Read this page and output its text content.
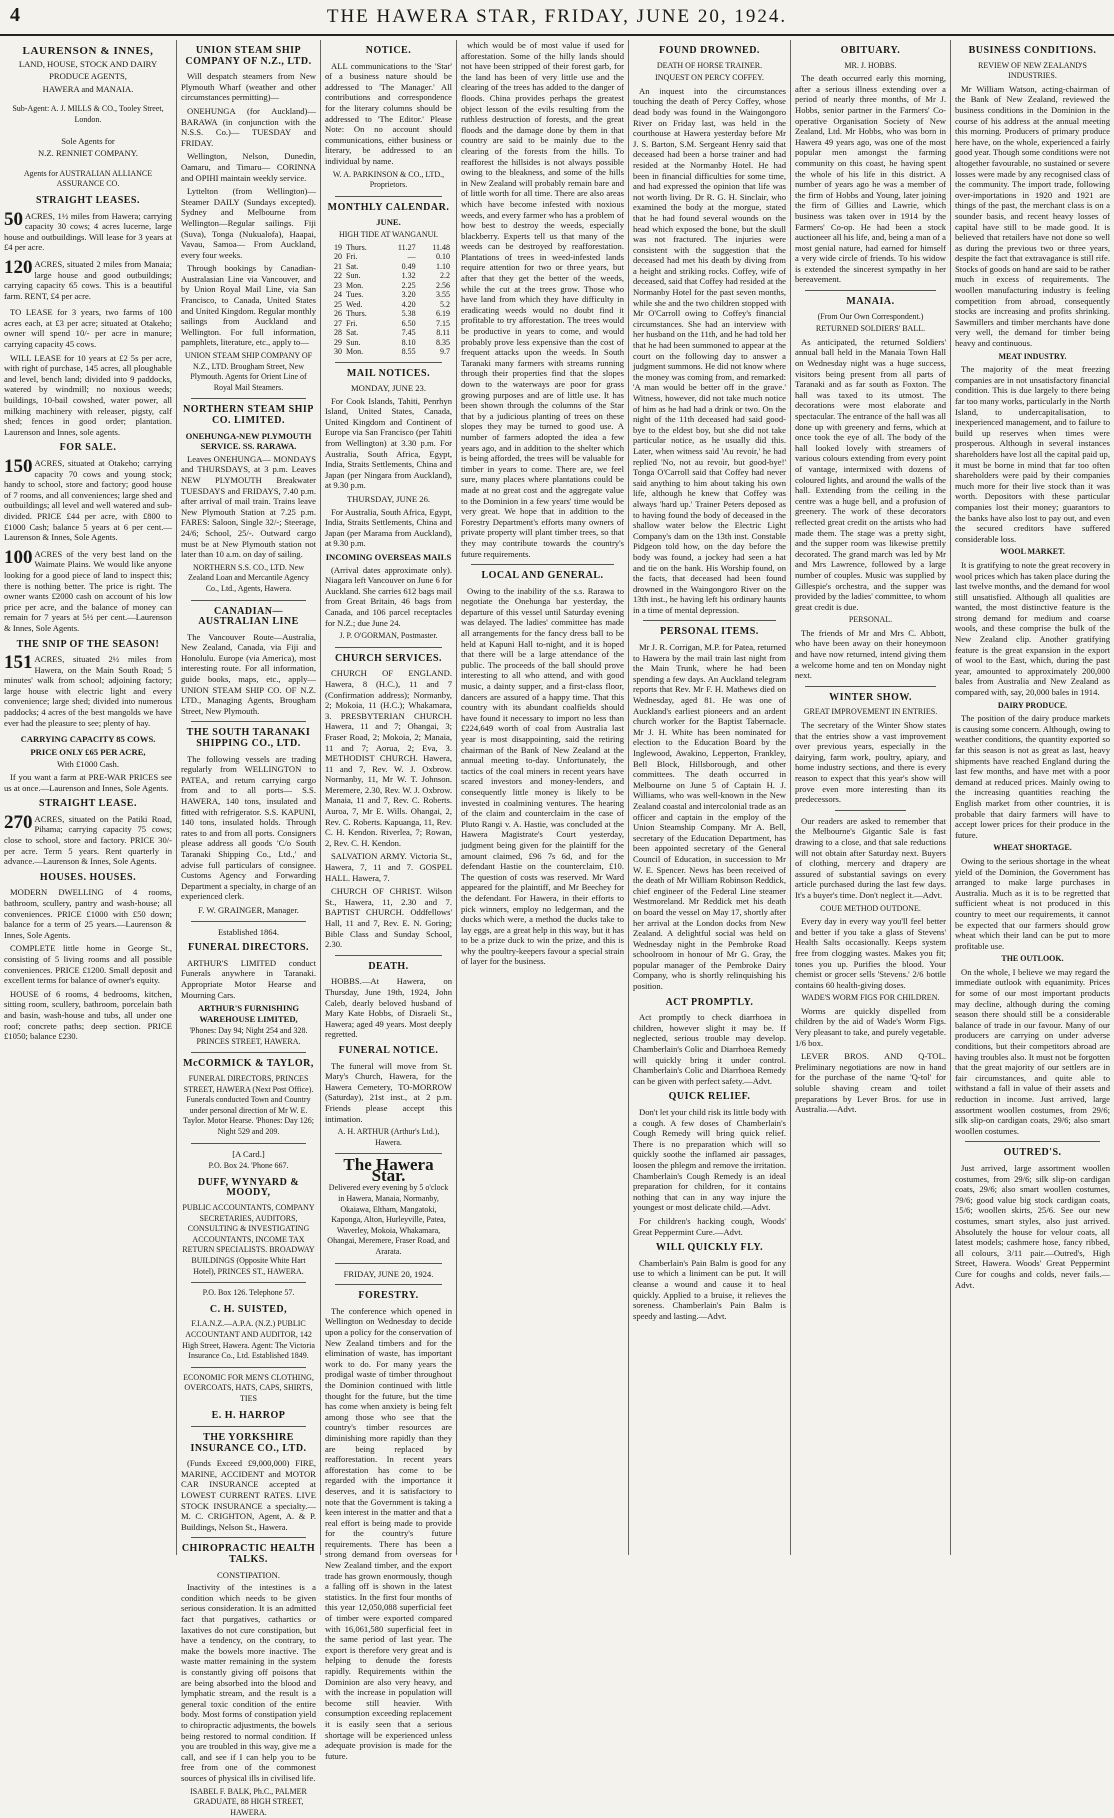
4	THE HAWERA STAR, FRIDAY, JUNE 20, 1924.
LAURENSON & INNES,
LAND, HOUSE, STOCK AND DAIRY
PRODUCE AGENTS,
HAWERA and MANAIA.
Sub-Agent: A. J. MILLS & CO., Tooley Street, London.
Sole Agents for
N.Z. RENNIET COMPANY.
Agents for AUSTRALIAN ALLIANCE ASSURANCE CO.
STRAIGHT LEASES.
50 ACRES, 1½ miles from Hawera; carrying capacity 30 cows; 4 acres lucerne, large house and outbuildings. Will lease for 3 years at £4 per acre.
120 ACRES, situated 2 miles from Manaia; large house and good outbuildings; carrying capacity 65 cows. This is a beautiful farm. RENT, £4 per acre.
TO LEASE for 3 years, two farms of 100 acres each, at £3 per acre; situated at Otakeho; owner will spend 10/- per acre in manure; carrying capacity 45 cows.
WILL LEASE for 10 years at £2 5s per acre, with right of purchase, 145 acres, all ploughable and level, bench land; divided into 9 paddocks, watered by windmill; no noxious weeds; buildings, 10-bail cowshed, water power, all milking machinery with releaser, pigsty, calf shed; fences in good order; plantation. Laurenson and Innes, sole agents.
FOR SALE.
150 ACRES, situated at Otakeho; carrying capacity 70 cows and young stock; handy to school, store and factory; good house of 7 rooms, and all conveniences; large shed and outbuildings; all level and well watered and sub-divided. PRICE £44 per acre, with £800 to £1000 Cash; balance 5 years at 6 per cent.—Laurenson & Innes, Sole Agents.
100 ACRES of the very best land on the Waimate Plains. We would like anyone looking for a good piece of land to inspect this; there is nothing better. The price is right. The owner wants £2000 cash on account of his low price per acre, and the balance of money can remain for 7 years at 5½ per cent.—Laurenson & Innes, Sole Agents.
THE SNIP OF THE SEASON!
151 ACRES, situated 2½ miles from Hawera, on the Main South Road; 5 minutes' walk from school; adjoining factory; large house with electric light and every convenience; large shed; divided into numerous paddocks; 4 acres of the best mangolds we have ever had the pleasure to see; plenty of hay.
CARRYING CAPACITY 85 COWS.
PRICE ONLY £65 PER ACRE,
With £1000 Cash.
If you want a farm at PRE-WAR PRICES see us at once.—Laurenson and Innes, Sole Agents.
STRAIGHT LEASE.
270 ACRES, situated on the Patiki Road, Pihama; carrying capacity 75 cows; close to school, store and factory. PRICE 30/- per acre. Term 5 years. Rent quarterly in advance.—Laurenson & Innes, Sole Agents.
HOUSES. HOUSES.
MODERN DWELLING of 4 rooms, bathroom, scullery, pantry and wash-house; all conveniences. PRICE £1000 with £50 down; balance for a term of 25 years.—Laurenson & Innes, Sole Agents.
COMPLETE little home in George St., consisting of 5 living rooms and all possible conveniences. PRICE £1200. Small deposit and excellent terms for balance of owner's equity.
HOUSE of 6 rooms, 4 bedrooms, kitchen, sitting room, scullery, bathroom, porcelain bath and basin, wash-house and tubs, all under one roof; concrete paths; deep section. PRICE £1050; balance £230.
UNION STEAM SHIP COMPANY OF N.Z., LTD.
Will despatch steamers from New Plymouth Wharf (weather and other circumstances permitting)—
ONEHUNGA (for Auckland)— BARAWA (in conjunction with the N.S.S. Co.)— TUESDAY and FRIDAY.
Wellington, Nelson, Dunedin, Oamaru, and Timaru— CORINNA and OPIHI maintain weekly service.
Lyttelton (from Wellington)— Steamer DAILY (Sundays excepted). Sydney and Melbourne from Wellington—Regular sailings. Fiji (Suva), Tonga (Nukualofa), Haapai, Vavau, Samoa— From Auckland, every four weeks.
Through bookings by Canadian-Australasian Line via Vancouver, and by Union Royal Mail Line, via San Francisco, to Canada, United States and United Kingdom. Regular monthly sailings from Auckland and Wellington. For full information, pamphlets, literature, etc., apply to—
UNION STEAM SHIP COMPANY OF N.Z., LTD. Brougham Street, New Plymouth. Agents for Orient Line of Royal Mail Steamers.
NORTHERN STEAM SHIP CO. LIMITED.
ONEHUNGA-NEW PLYMOUTH SERVICE. SS. RARAWA.
Leaves ONEHUNGA— MONDAYS and THURSDAYS, at 3 p.m. Leaves NEW PLYMOUTH Breakwater TUESDAYS and FRIDAYS, 7.40 p.m. after arrival of mail train. Trains leave New Plymouth Station at 7.25 p.m. FARES: Saloon, Single 32/-; Steerage, 24/6; School, 25/-. Outward cargo must be at New Plymouth station not later than 10 a.m. on day of sailing.
NORTHERN S.S. CO., LTD. New Zealand Loan and Mercantile Agency Co., Ltd., Agents, Hawera.
CANADIAN—AUSTRALIAN LINE
The Vancouver Route—Australia, New Zealand, Canada, via Fiji and Honolulu. Europe (via America), most interesting route. For all information, guide books, maps, etc., apply— UNION STEAM SHIP CO. OF N.Z. LTD., Managing Agents, Brougham Street, New Plymouth.
THE SOUTH TARANAKI SHIPPING CO., LTD.
The following vessels are trading regularly from WELLINGTON to PATEA, and return carrying cargo from and to all ports— S.S. HAWERA, 140 tons, insulated and fitted with refrigerator. S.S. KAPUNI, 140 tons, insulated holds. Through rates to and from all ports. Consigners please address all goods 'C/o South Taranaki Shipping Co., Ltd.,' and advise full particulars of consignee. Customs Agency and Forwarding Department a specialty, in charge of an experienced clerk.
F. W. GRAINGER, Manager.
Established 1864.
FUNERAL DIRECTORS.
ARTHUR'S LIMITED conduct Funerals anywhere in Taranaki. Appropriate Motor Hearse and Mourning Cars.
ARTHUR'S FURNISHING WAREHOUSE LIMITED,
'Phones: Day 94; Night 254 and 328. PRINCES STREET, HAWERA.
McCORMICK & TAYLOR,
FUNERAL DIRECTORS, PRINCES STREET, HAWERA (Next Post Office). Funerals conducted Town and Country under personal direction of Mr W. E. Taylor. Motor Hearse. 'Phones: Day 126; Night 529 and 209.
[A Card.]
P.O. Box 24. 'Phone 667.
DUFF, WYNYARD & MOODY,
PUBLIC ACCOUNTANTS, COMPANY SECRETARIES, AUDITORS, CONSULTING & INVESTIGATING ACCOUNTANTS, INCOME TAX RETURN SPECIALISTS. BROADWAY BUILDINGS (Opposite White Hart Hotel), PRINCES ST., HAWERA.
P.O. Box 126. Telephone 57.
C. H. SUISTED,
F.I.A.N.Z.—A.P.A. (N.Z.) PUBLIC ACCOUNTANT AND AUDITOR, 142 High Street, Hawera. Agent: The Victoria Insurance Co., Ltd. Established 1849.
ECONOMIC FOR MEN'S CLOTHING, OVERCOATS, HATS, CAPS, SHIRTS, TIES
E. H. HARROP
THE YORKSHIRE INSURANCE CO., LTD.
(Funds Exceed £9,000,000) FIRE, MARINE, ACCIDENT and MOTOR CAR INSURANCE accepted at LOWEST CURRENT RATES. LIVE STOCK INSURANCE a specialty.— M. C. CRIGHTON, Agent, A. & P. Buildings, Nelson St., Hawera.
CHIROPRACTIC HEALTH TALKS.
CONSTIPATION.
Inactivity of the intestines is a condition which needs to be given serious consideration. It is an admitted fact that purgatives, cathartics or laxatives do not cure constipation, but have a tendency, on the contrary, to make the bowels more inactive. The waste matter remaining in the system is constantly giving off poisons that are being absorbed into the blood and lymphatic stream, and the result is a general toxic condition of the entire body. Most forms of constipation yield to chiropractic adjustments, the bowels being restored to normal condition. If you are troubled in this way, give me a call, and see if I can help you to be free from one of the commonest sources of physical ills in civilised life.
ISABEL F. BALK, Ph.C., PALMER GRADUATE, 88 HIGH STREET, HAWERA.
NOTICE.
ALL communications to the 'Star' of a business nature should be addressed to 'The Manager.' All contributions and correspondence for the literary columns should be addressed to 'The Editor.' Please Note: On no account should communications, either business or literary, be addressed to an individual by name.
W. A. PARKINSON & CO., LTD., Proprietors.
MONTHLY CALENDAR.
JUNE.
HIGH TIDE AT WANGANUI.
19	Thurs.	11.27	11.48
20	Fri.	—	0.10
21	Sat.	0.49	1.10
22	Sun.	1.32	2.2
23	Mon.	2.25	2.56
24	Tues.	3.20	3.55
25	Wed.	4.20	5.2
26	Thurs.	5.38	6.19
27	Fri.	6.50	7.15
28	Sat.	7.45	8.11
29	Sun.	8.10	8.35
30	Mon.	8.55	9.7
MAIL NOTICES.
MONDAY, JUNE 23.
For Cook Islands, Tahiti, Penrhyn Island, United States, Canada, United Kingdom and Continent of Europe via San Francisco (per Tahiti from Wellington) at 3.30 p.m. For Australia, South Africa, Egypt, India, Straits Settlements, China and Japan (per Ningara from Auckland), at 9.30 p.m.
THURSDAY, JUNE 26.
For Australia, South Africa, Egypt, India, Straits Settlements, China and Japan (per Marama from Auckland), at 9.30 p.m.
INCOMING OVERSEAS MAILS
(Arrival dates approximate only). Niagara left Vancouver on June 6 for Auckland. She carries 612 bags mail from Great Britain, 46 bags from Canada, and 106 parcel receptacles for N.Z.; due June 24.
J. P. O'GORMAN, Postmaster.
CHURCH SERVICES.
CHURCH OF ENGLAND. Hawera, 8 (H.C.), 11 and 7 (Confirmation address); Normanby, 2; Mokoia, 11 (H.C.); Whakamara, 3. PRESBYTERIAN CHURCH. Hawera, 11 and 7; Ohangai, 3; Fraser Road, 2; Mokoia, 2; Manaia, 11 and 7; Aorua, 2; Eva, 3. METHODIST CHURCH. Hawera, 11 and 7, Rev. W. J. Oxbrow. Normanby, 11, Mr W. T. Johnson. Meremere, 2.30, Rev. W. J. Oxbrow. Manaia, 11 and 7, Rev. C. Roberts. Auroa, 7, Mr E. Wills. Ohangai, 2, Rev. C. Roberts. Kapuanga, 11, Rev. C. H. Kendon. Riverlea, 7; Rowan, 2, Rev. C. H. Kendon.
SALVATION ARMY. Victoria St., Hawera, 7, 11 and 7. GOSPEL HALL. Hawera, 7.
CHURCH OF CHRIST. Wilson St., Hawera, 11, 2.30 and 7. BAPTIST CHURCH. Oddfellows' Hall, 11 and 7, Rev. E. N. Goring; Bible Class and Sunday School, 2.30.
DEATH.
HOBBS.—At Hawera, on Thursday, June 19th, 1924, John Caleb, dearly beloved husband of Mary Kate Hobbs, of Disraeli St., Hawera; aged 49 years. Most deeply regretted.
FUNERAL NOTICE.
The funeral will move from St. Mary's Church, Hawera, for the Hawera Cemetery, TO-MORROW (Saturday), 21st inst., at 2 p.m. Friends please accept this intimation.
A. H. ARTHUR (Arthur's Ltd.), Hawera.
The Hawera Star.
Delivered every evening by 5 o'clock in Hawera, Manaia, Normanby, Okaiawa, Eltham, Mangatoki, Kaponga, Alton, Hurleyville, Patea, Waverley, Mokoia, Whakamara, Ohangai, Meremere, Fraser Road, and Ararata.
FRIDAY, JUNE 20, 1924.
FORESTRY.
The conference which opened in Wellington on Wednesday to decide upon a policy for the conservation of New Zealand timbers and for the elimination of waste, has important work to do. For many years the prodigal waste of timber throughout the Dominion continued with little thought for the future, but the time has come when anxiety is being felt among those who see that the country's timber resources are diminishing more rapidly than they are being replaced by reafforestation. In recent years afforestation has come to be regarded with the importance it deserves, and it is satisfactory to note that the Government is taking a keen interest in the matter and that a real effort is being made to provide for the country's future requirements. There has been a strong demand from overseas for New Zealand timber, and the export trade has grown enormously, though a falling off is shown in the latest statistics. In the first four months of this year 12,050,088 superficial feet of timber were exported compared with 16,061,580 superficial feet in the same period of last year. The export is therefore very great and is helping to denude the forests rapidly. Requirements within the Dominion are also very heavy, and with the increase in population will become still heavier. With consumption exceeding replacement it is easily seen that a serious shortage will be experienced unless adequate provision is made for the future.
which would be of most value if used for afforestation. Some of the hilly lands should not have been stripped of their forest garb, for the land has been of very little use and the clearing of the trees has added to the danger of floods. China provides perhaps the greatest object lesson of the evils resulting from the ruthless destruction of forests, and the great floods and the damage done by them in that country are said to be mainly due to the clearing of the forests from the hills. To reafforest the hillsides is not always possible owing to the bleakness, and some of the hills in New Zealand will probably remain bare and of little worth for all time. There are also areas which have become infested with noxious weeds, and every farmer who has a problem of how best to destroy the weeds, especially blackberry. Experts tell us that many of the weeds can be destroyed by reafforestation. Plantations of trees in weed-infested lands require attention for two or three years, but after that they get the better of the weeds, while the cut at the trees grow. Those who have land from which they have difficulty in eradicating weeds would no doubt find it profitable to try afforestation. The trees would be productive in years to come, and would probably prove less expensive than the cost of frequent attacks upon the weeds. In South Taranaki many farmers with streams running through their properties find that the slopes down to the waterways are poor for grass growing purposes and are of little use. It has been shown through the columns of the Star that by a judicious planting of trees on these slopes they may be turned to good use. A number of farmers adopted the idea a few years ago, and in addition to the shelter which is being afforded, the trees will be valuable for timber in years to come. There are, we feel sure, many places where plantations could be made at no great cost and the aggregate value to the Dominion in a few years' time would be very great. We hope that in addition to the Forestry Department's efforts many owners of private property will plant timber trees, so that they may contribute towards the country's future requirements.
LOCAL AND GENERAL.
Owing to the inability of the s.s. Rarawa to negotiate the Onehunga bar yesterday, the departure of this vessel until Saturday evening was delayed. The ladies' committee has made all arrangements for the fancy dress ball to be held at Kapuni Hall to-night, and it is hoped that there will be a large attendance of the public. The proceeds of the ball should prove interesting to all who attend, and with good music, a dainty supper, and a first-class floor, dancers are assured of a happy time. That this country with its abundant coalfields should have found it necessary to import no less than £224,649 worth of coal from Australia last year is most disappointing, said the retiring chairman of the Bank of New Zealand at the annual meeting to-day. Unfortunately, the tactics of the coal miners in recent years have scared investors and money-lenders, and consequently little money is likely to be invested in coalmining ventures. The hearing of the claim and counterclaim in the case of Pluto Rangi v. A. Hastie, was concluded at the Hawera Magistrate's Court yesterday, judgment being given for the plaintiff for the amount claimed, £96 7s 6d, and for the defendant Hastie on the counterclaim, £10. The question of costs was reserved. Mr Ward appeared for the plaintiff, and Mr Beechey for the defendant. For Hawera, in their efforts to pick winners, employ no ledgerman, and the ducks which were, a method the ducks take to lay eggs, are a great help in this way, but it has to be a prize duck to win the prize, and this is why the poultry-keepers favour a special strain of layer for the business.
FOUND DROWNED.
DEATH OF HORSE TRAINER.
INQUEST ON PERCY COFFEY.
An inquest into the circumstances touching the death of Percy Coffey, whose dead body was found in the Waingongoro River on Friday last, was held in the courthouse at Hawera yesterday before Mr J. S. Barton, S.M. Sergeant Henry said that deceased had been a horse trainer and had resided at the Normanby Hotel. He had been in financial difficulties for some time, and had expressed the opinion that life was not worth living. Dr R. G. H. Sinclair, who examined the body at the morgue, stated that he had found several wounds on the head which exposed the bone, but the skull was not fractured. The injuries were consistent with the suggestion that the deceased had met his death by diving from a height and striking rocks. Coffey, wife of deceased, said that Coffey had resided at the Normanby Hotel for the past seven months, while she and the two children stopped with Mr O'Carroll owing to Coffey's financial circumstances. She had an interview with her husband on the 11th, and he had told her that he had been summoned to appear at the court on the following day to answer a judgment summons. He did not know where the money was coming from, and remarked: 'A man would be better off in the grave.' Witness, however, did not take much notice of him as he had had a drink or two. On the night of the 11th deceased had said good-bye to the eldest boy, but she did not take particular notice, as he usually did this. Later, when witness said 'Au revoir,' he had replied 'No, not au revoir, but good-bye!' Tonga O'Carroll said that Coffey had never said anything to him about taking his own life, although he knew that Coffey was always 'hard up.' Trainer Peters deposed as to having found the body of deceased in the shallow water below the Electric Light Company's dam on the 13th inst. Constable Pidgeon told how, on the day before the body was found, a jockey had seen a hat and tie on the bank. His Worship found, on the facts, that deceased had been found drowned in the Waingongoro River on the 13th inst., he having left his ordinary haunts in a time of mental depression.
PERSONAL ITEMS.
Mr J. R. Corrigan, M.P. for Patea, returned to Hawera by the mail train last night from the Main Trunk, where he had been spending a few days. An Auckland telegram reports that Rev. Mr F. H. Mathews died on Wednesday, aged 81. He was one of Auckland's earliest pioneers and an ardent church worker for the Baptist Tabernacle. Mr J. H. White has been nominated for election to the Education Board by the Inglewood, Awakino, Lepperton, Frankley, Bell Block, Hillsborough, and other committees. The death occurred in Melbourne on June 5 of Captain H. J. Williams, who was well-known in the New Zealand coastal and intercolonial trade as an officer and captain in the employ of the Union Steamship Company. Mr A. Bell, secretary of the Education Department, has been appointed secretary of the General Council of Education, in succession to Mr W. E. Spencer. News has been received of the death of Mr William Robinson Reddick, chief engineer of the Federal Line steamer Westmoreland. Mr Reddick met his death on board the vessel on May 17, shortly after her arrival at the London docks from New Zealand. A delightful social was held on Wednesday night in the Pembroke Road schoolroom in honour of Mr G. Gray, the popular manager of the Pembroke Dairy Company, who is shortly relinquishing his position.
ACT PROMPTLY.
Act promptly to check diarrhoea in children, however slight it may be. If neglected, serious trouble may develop. Chamberlain's Colic and Diarrhoea Remedy will quickly bring it under control. Chamberlain's Colic and Diarrhoea Remedy can be given with perfect safety.—Advt.
QUICK RELIEF.
Don't let your child risk its little body with a cough. A few doses of Chamberlain's Cough Remedy will bring quick relief. There is no preparation which will so quickly soothe the inflamed air passages, loosen the phlegm and remove the irritation. Chamberlain's Cough Remedy is an ideal preparation for children, for it contains nothing that can in any way injure the youngest or most delicate child.—Advt.
For children's hacking cough, Woods' Great Peppermint Cure.—Advt.
WILL QUICKLY FLY.
Chamberlain's Pain Balm is good for any use to which a liniment can be put. It will cleanse a wound and cause it to heal quickly. Applied to a bruise, it relieves the soreness. Chamberlain's Pain Balm is speedy and lasting.—Advt.
OBITUARY.
MR. J. HOBBS.
The death occurred early this morning, after a serious illness extending over a period of nearly three months, of Mr J. Hobbs, senior partner in the Farmers' Co-operative Organisation Society of New Zealand, Ltd. Mr Hobbs, who was born in Hawera 49 years ago, was one of the most popular men amongst the farming community on this coast, he having spent the whole of his life in this district. A number of years ago he was a member of the firm of Hobbs and Young, later joining the firm of Gillies and Lawrie, which business was taken over in 1914 by the Farmers' Co-op. He had been a stock auctioneer all his life, and, being a man of a most genial nature, had earned for himself a very wide circle of friends. To his widow is extended the sincerest sympathy in her bereavement.
MANAIA.
(From Our Own Correspondent.)
RETURNED SOLDIERS' BALL.
As anticipated, the returned Soldiers' annual ball held in the Manaia Town Hall on Wednesday night was a huge success, visitors being present from all parts of Taranaki and as far south as Foxton. The hall was taxed to its utmost. The decorations were most elaborate and spectacular. The entrance of the hall was all done up with greenery and ferns, which at once took the eye of all. The body of the hall looked lovely with streamers of various colours extending from every point of vantage, intermixed with dozens of coloured lights, and around the walls of the hall. Extending from the ceiling in the centre was a huge bell, and a profusion of greenery. The work of these decorators reflected great credit on the artists who had made them. The stage was a pretty sight, and the supper room was likewise prettily decorated. The grand march was led by Mr and Mrs Lawrence, followed by a large number of couples. Music was supplied by Gillespie's orchestra, and the supper was provided by the ladies' committee, to whom great credit is due.
PERSONAL.
The friends of Mr and Mrs C. Abbott, who have been away on their honeymoon and have now returned, intend giving them a welcome home and ten on Monday night next.
WINTER SHOW.
GREAT IMPROVEMENT IN ENTRIES.
The secretary of the Winter Show states that the entries show a vast improvement over previous years, especially in the dairying, farm work, poultry, apiary, and home industry sections, and there is every reason to expect that this year's show will prove even more interesting than its predecessors.
Our readers are asked to remember that the Melbourne's Gigantic Sale is fast drawing to a close, and that sale reductions will not obtain after Saturday next. Buyers of clothing, mercery and drapery are assured of substantial savings on every article purchased during the last few days. It's a buyer's time. Don't neglect it.—Advt.
COUE METHOD OUTDONE.
Every day in every way you'll feel better and better if you take a glass of Stevens' Health Salts occasionally. Keeps system free from clogging wastes. Makes you fit; tones you up. Purifies the blood. Your chemist or grocer sells 'Stevens.' 2/6 bottle contains 60 health-giving doses.
WADE'S WORM FIGS FOR CHILDREN.
Worms are quickly dispelled from children by the aid of Wade's Worm Figs. Very pleasant to take, and purely vegetable. 1/6 box.
LEVER BROS. AND Q-TOL. Preliminary negotiations are now in hand for the purchase of the name 'Q-tol' for soluble shaving cream and toilet preparations by Lever Bros. for use in Australia.—Advt.
BUSINESS CONDITIONS.
REVIEW OF NEW ZEALAND'S INDUSTRIES.
Mr William Watson, acting-chairman of the Bank of New Zealand, reviewed the business conditions in the Dominion in the course of his address at the annual meeting this morning. Producers of primary produce here have, on the whole, experienced a fairly good year. Though some conditions were not altogether favourable, no sustained or severe losses were made by any recognised class of the community. The import trade, following over-importations in 1920 and 1921 are things of the past, the merchant class is on a sounder basis, and recent heavy losses of capital have still to be made good. It is believed that retailers have not done so well as during the previous two or three years, despite the fact that extravagance is still rife. Stocks of goods on hand are said to be rather much in excess of requirements. The woollen manufacturing industry is feeling competition from abroad, consequently stocks are increasing and profits shrinking. Sawmillers and timber merchants have done very well, the demand for timber being heavy and continuous.
MEAT INDUSTRY.
The majority of the meat freezing companies are in not unsatisfactory financial condition. This is due largely to there being far too many works, particularly in the North Island, to undercapitalisation, to inexperienced management, and to failure to build up reserves when times were prosperous. Although in several instances shareholders have lost all the capital paid up, it must be borne in mind that far too often shareholders were paid by their companies much more for their live stock than it was worth. Depositors with these particular companies lost their money; guarantors to the banks have also lost to pay out, and even the secured creditors have suffered considerable loss.
WOOL MARKET.
It is gratifying to note the great recovery in wool prices which has taken place during the last twelve months, and the demand for wool still unsatisfied. Although all qualities are wanted, the most distinctive feature is the strong demand for medium and coarse wools, and these comprise the bulk of the New Zealand clip. Another gratifying feature is the great expansion in the export of wool to the East, which, during the past year, amounted to approximately 200,000 bales from Australia and New Zealand as compared with, say, 20,000 bales in 1914.
DAIRY PRODUCE.
The position of the dairy produce markets is causing some concern. Although, owing to weather conditions, the quantity exported so far this season is not as great as last, heavy shipments have reached England during the last few months, and have met with a poor demand at reduced prices. Mainly owing to the increasing quantities reaching the English market from other countries, it is probable that dairy farmers will have to accept lower prices for their produce in the future.
WHEAT SHORTAGE.
Owing to the serious shortage in the wheat yield of the Dominion, the Government has arranged to make large purchases in Australia. Much as it is to be regretted that sufficient wheat is not produced in this country to meet our requirements, it cannot be expected that our farmers should grow wheat which their land can be put to more profitable use.
THE OUTLOOK.
On the whole, I believe we may regard the immediate outlook with equanimity. Prices for some of our most important products may decline, although during the coming season there should still be a considerable balance of trade in our favour. Many of our producers are carrying on under adverse conditions, but their competitors abroad are having troubles also. It must not be forgotten that the great majority of our settlers are in fair circumstances, and quite able to withstand a fall in value of their assets and reduction in income. Just arrived, large assortment woollen costumes, from 29/6; silk slip-on cardigan coats, 29/6; also smart woollen costumes.
OUTRED'S.
Just arrived, large assortment woollen costumes, from 29/6; silk slip-on cardigan coats, 29/6; also smart woollen costumes, 79/6; good value big stock cardigan coats, 15/6; woollen skirts, 25/6. See our new costumes, smart styles, also just arrived. Absolutely the house for velour coats, all latest models; cashmere hose, fancy ribbed, all colours, 3/11 pair.—Outred's, High Street, Hawera. Woods' Great Peppermint Cure for coughs and colds, never fails.—Advt.
